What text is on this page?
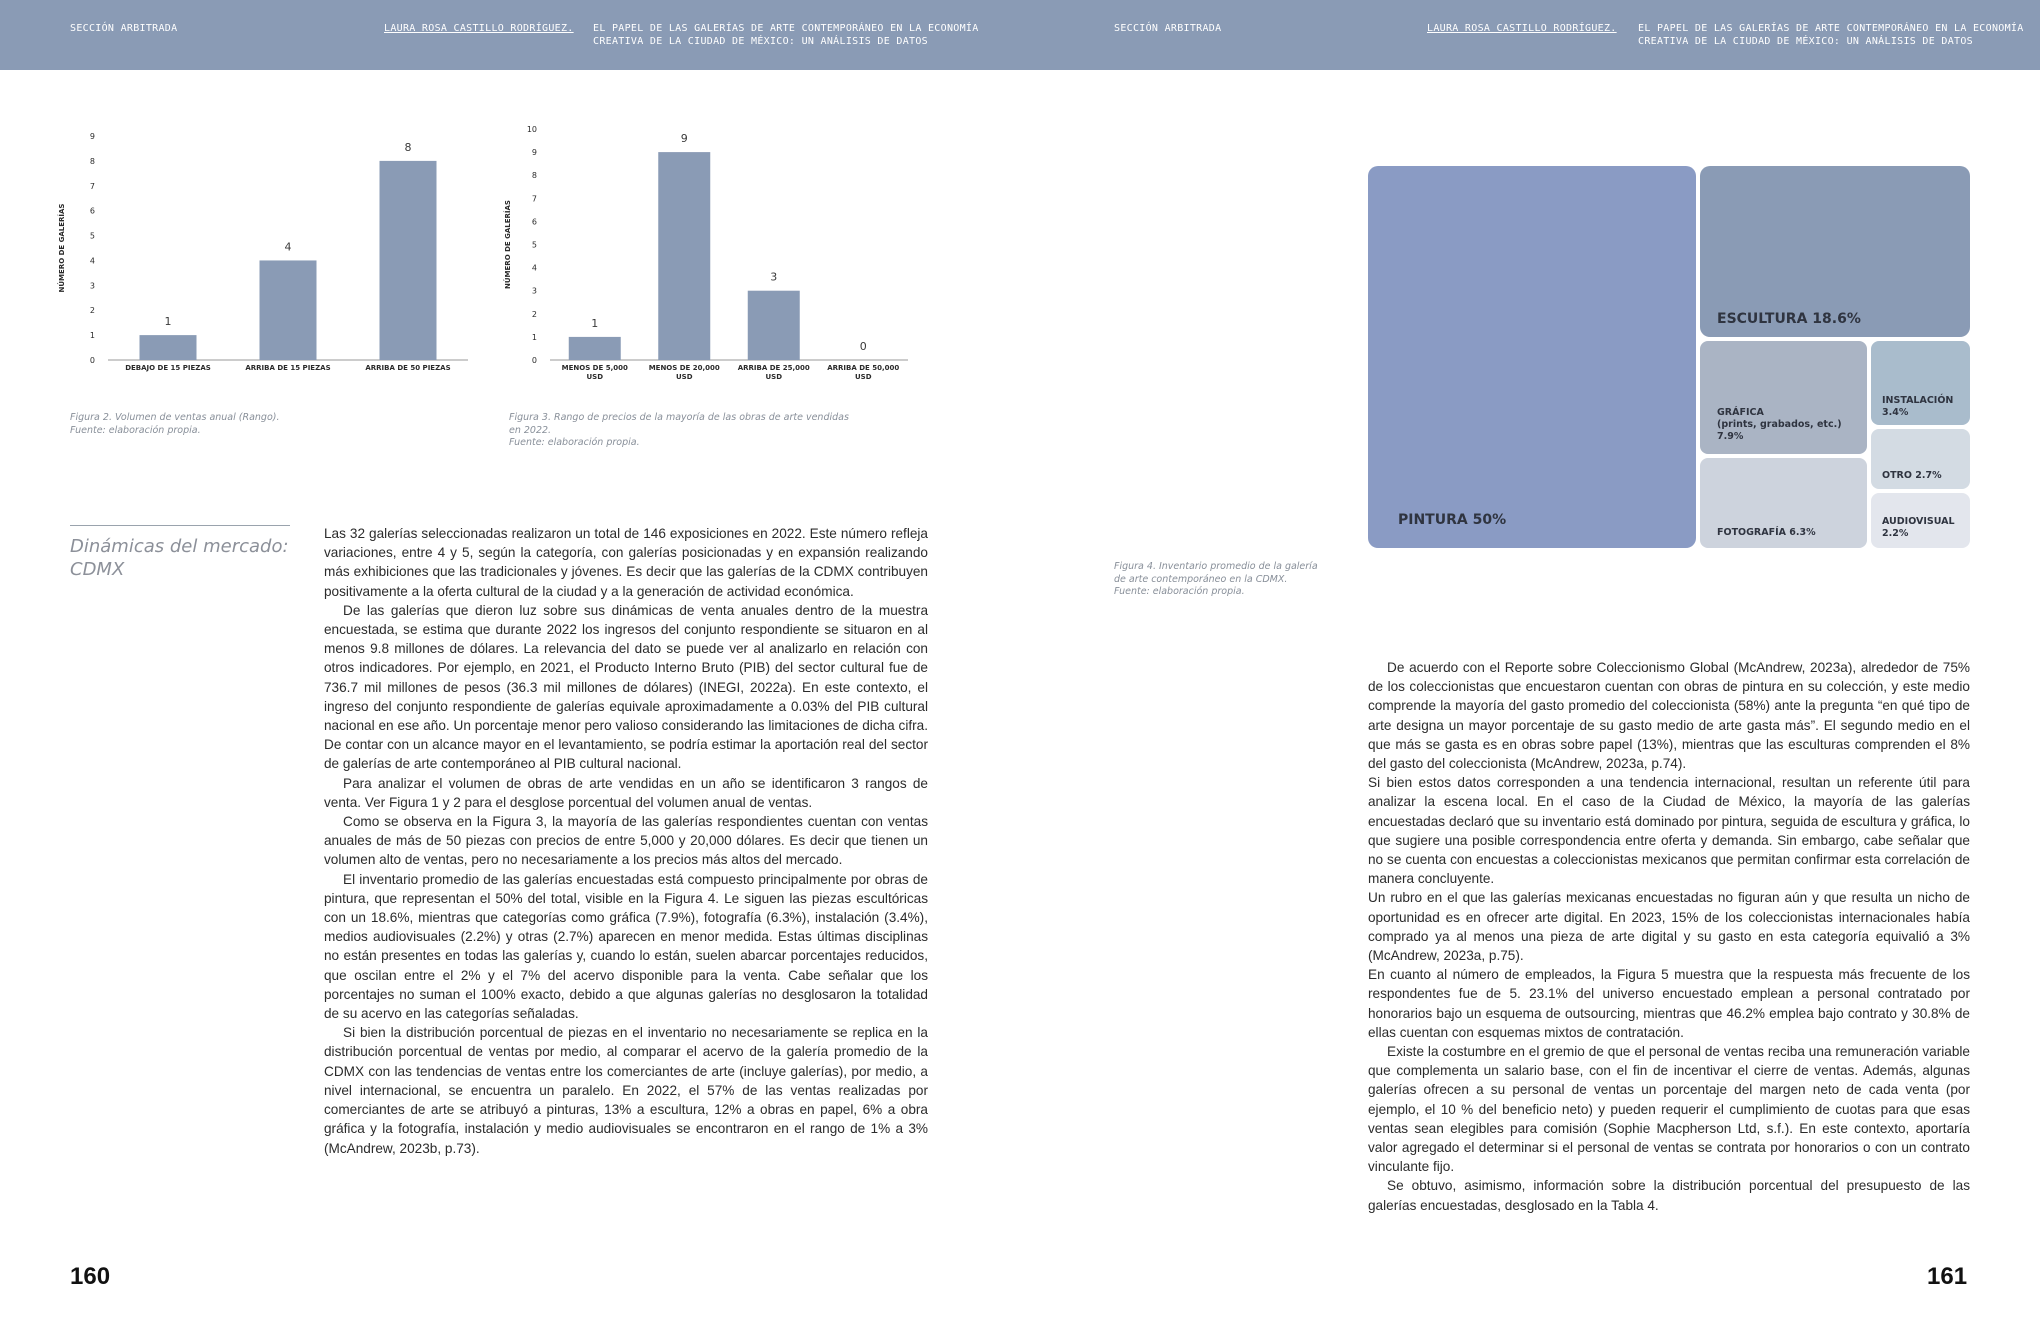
SECCIÓN ARBITRADA	LAURA ROSA CASTILLO RODRÍGUEZ. EL PAPEL DE LAS GALERÍAS DE ARTE CONTEMPORÁNEO EN LA ECONOMÍA
CREATIVA DE LA CIUDAD DE MÉXICO: UN ANÁLISIS DE DATOS
SECCIÓN ARBITRADA	LAURA ROSA CASTILLO RODRÍGUEZ. EL PAPEL DE LAS GALERÍAS DE ARTE CONTEMPORÁNEO EN LA ECONOMÍA
CREATIVA DE LA CIUDAD DE MÉXICO: UN ANÁLISIS DE DATOS
NÚMERO DE GALERÍAS
0
1
2
3
4
5
6
7
8
9
1
DEBAJO DE 15 PIEZAS
4
ARRIBA DE 15 PIEZAS
8
ARRIBA DE 50 PIEZAS
Figura 2. Volumen de ventas anual (Rango).
Fuente: elaboración propia.
NÚMERO DE GALERÍAS
0
1
2
3
4
5
6
7
8
9
10
1
MENOS DE 5,000
USD
9
MENOS DE 20,000
USD
3
ARRIBA DE 25,000
USD
0
ARRIBA DE 50,000
USD
Figura 3. Rango de precios de la mayoría de las obras de arte vendidas
en 2022.
Fuente: elaboración propia.
Dinámicas del mercado: CDMX

Las 32 galerías seleccionadas realizaron un total de 146 exposiciones en 2022. Este número refleja variaciones, entre 4 y 5, según la categoría, con galerías posicionadas y en expansión realizando más exhibiciones que las tradicionales y jóvenes. Es decir que las galerías de la CDMX contribuyen positivamente a la oferta cultural de la ciudad y a la generación de actividad económica.

De las galerías que dieron luz sobre sus dinámicas de venta anuales dentro de la muestra encuestada, se estima que durante 2022 los ingresos del conjunto respondiente se situaron en al menos 9.8 millones de dólares. La relevancia del dato se puede ver al analizarlo en relación con otros indicadores. Por ejemplo, en 2021, el Producto Interno Bruto (PIB) del sector cultural fue de 736.7 mil millones de pesos (36.3 mil millones de dólares) (INEGI, 2022a). En este contexto, el ingreso del conjunto respondiente de galerías equivale aproximadamente a 0.03% del PIB cultural nacional en ese año. Un porcentaje menor pero valioso considerando las limitaciones de dicha cifra. De contar con un alcance mayor en el levantamiento, se podría estimar la aportación real del sector de galerías de arte contemporáneo al PIB cultural nacional.

Para analizar el volumen de obras de arte vendidas en un año se identificaron 3 rangos de venta. Ver Figura 1 y 2 para el desglose porcentual del volumen anual de ventas.

Como se observa en la Figura 3, la mayoría de las galerías respondientes cuentan con ventas anuales de más de 50 piezas con precios de entre 5,000 y 20,000 dólares. Es decir que tienen un volumen alto de ventas, pero no necesariamente a los precios más altos del mercado.

El inventario promedio de las galerías encuestadas está compuesto principalmente por obras de pintura, que representan el 50% del total, visible en la Figura 4. Le siguen las piezas escultóricas con un 18.6%, mientras que categorías como gráfica (7.9%), fotografía (6.3%), instalación (3.4%), medios audiovisuales (2.2%) y otras (2.7%) aparecen en menor medida. Estas últimas disciplinas no están presentes en todas las galerías y, cuando lo están, suelen abarcar porcentajes reducidos, que oscilan entre el 2% y el 7% del acervo disponible para la venta. Cabe señalar que los porcentajes no suman el 100% exacto, debido a que algunas galerías no desglosaron la totalidad de su acervo en las categorías señaladas.

Si bien la distribución porcentual de piezas en el inventario no necesariamente se replica en la distribución porcentual de ventas por medio, al comparar el acervo de la galería promedio de la CDMX con las tendencias de ventas entre los comerciantes de arte (incluye galerías), por medio, a nivel internacional, se encuentra un paralelo. En 2022, el 57% de las ventas realizadas por comerciantes de arte se atribuyó a pinturas, 13% a escultura, 12% a obras en papel, 6% a obra gráfica y la fotografía, instalación y medio audiovisuales se encontraron en el rango de 1% a 3% (McAndrew, 2023b, p.73).

160
PINTURA 50%
ESCULTURA 18.6%
GRÁFICA
(prints, grabados, etc.)
7.9%
INSTALACIÓN
3.4%
FOTOGRAFÍA 6.3%
OTRO 2.7%
AUDIOVISUAL
2.2%
Figura 4. Inventario promedio de la galería
de arte contemporáneo en la CDMX.
Fuente: elaboración propia.

De acuerdo con el Reporte sobre Coleccionismo Global (McAndrew, 2023a), alrededor de 75% de los coleccionistas que encuestaron cuentan con obras de pintura en su colección, y este medio comprende la mayoría del gasto promedio del coleccionista (58%) ante la pregunta “en qué tipo de arte designa un mayor porcentaje de su gasto medio de arte gasta más”. El segundo medio en el que más se gasta es en obras sobre papel (13%), mientras que las esculturas comprenden el 8% del gasto del coleccionista (McAndrew, 2023a, p.74).

Si bien estos datos corresponden a una tendencia internacional, resultan un referente útil para analizar la escena local. En el caso de la Ciudad de México, la mayoría de las galerías encuestadas declaró que su inventario está dominado por pintura, seguida de escultura y gráfica, lo que sugiere una posible correspondencia entre oferta y demanda. Sin embargo, cabe señalar que no se cuenta con encuestas a coleccionistas mexicanos que permitan confirmar esta correlación de manera concluyente.

Un rubro en el que las galerías mexicanas encuestadas no figuran aún y que resulta un nicho de oportunidad es en ofrecer arte digital. En 2023, 15% de los coleccionistas internacionales había comprado ya al menos una pieza de arte digital y su gasto en esta categoría equivalió a 3% (McAndrew, 2023a, p.75).

En cuanto al número de empleados, la Figura 5 muestra que la respuesta más frecuente de los respondentes fue de 5. 23.1% del universo encuestado emplean a personal contratado por honorarios bajo un esquema de outsourcing, mientras que 46.2% emplea bajo contrato y 30.8% de ellas cuentan con esquemas mixtos de contratación.

Existe la costumbre en el gremio de que el personal de ventas reciba una remuneración variable que complementa un salario base, con el fin de incentivar el cierre de ventas. Además, algunas galerías ofrecen a su personal de ventas un porcentaje del margen neto de cada venta (por ejemplo, el 10 % del beneficio neto) y pueden requerir el cumplimiento de cuotas para que esas ventas sean elegibles para comisión (Sophie Macpherson Ltd, s.f.). En este contexto, aportaría valor agregado el determinar si el personal de ventas se contrata por honorarios o con un contrato vinculante fijo.

Se obtuvo, asimismo, información sobre la distribución porcentual del presupuesto de las galerías encuestadas, desglosado en la Tabla 4.

161
